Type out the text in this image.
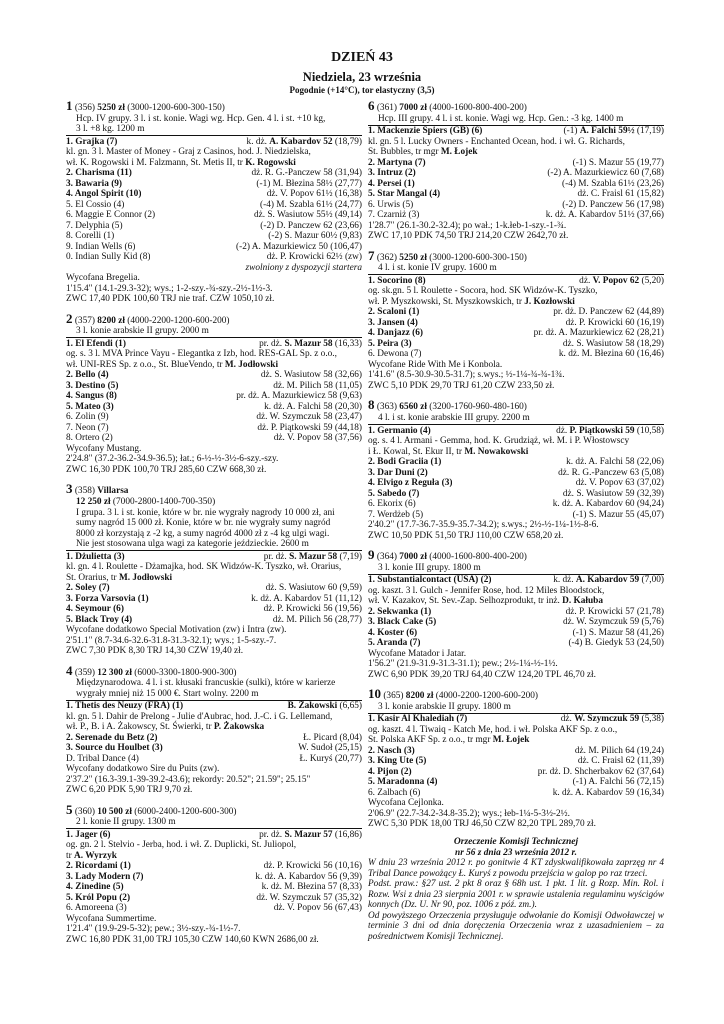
DZIEŃ 43
Niedziela, 23 września
Pogodnie (+14°C), tor elastyczny (3,5)
1 (356) 5250 zł (3000-1200-600-300-150)
Hcp. IV grupy. 3 l. i st. konie. Wagi wg. Hcp. Gen. 4 l. i st. +10 kg,
3 l. +8 kg. 1200 m
1. Grajka (7)	k. dż. A. Kabardov 52 (18,79)
kl. gn. 3 l. Master of Money - Graj z Casinos, hod. J. Niedzielska,
wł. K. Rogowski i M. Falzmann, St. Metis II, tr K. Rogowski
2. Charisma (11)	dż. R. G.-Panczew 58 (31,94)
3. Bawaria (9)	(-1) M. Błezina 58½ (27,77)
4. Angol Spirit (10)	dż. V. Popov 61½ (16,38)
5. El Cossio (4)	(-4) M. Szabla 61½ (24,77)
6. Maggie E Connor (2)	dż. S. Wasiutow 55½ (49,14)
7. Delyphia (5)	(-2) D. Panczew 62 (23,66)
8. Corelli (1)	(-2) S. Mazur 60½ (9,83)
9. Indian Wells (6)	(-2) A. Mazurkiewicz 50 (106,47)
0. Indian Sully Kid (8)	dż. P. Krowicki 62½ (zw)
zwolniony z dyspozycji startera
Wycofana Bregelia.
1'15.4" (14.1-29.3-32); wys.; 1-2-szy.-¾-szy.-2½-1½-3.
ZWC 17,40 PDK 100,60 TRJ nie traf. CZW 1050,10 zł.
2 (357) 8200 zł (4000-2200-1200-600-200)
3 l. konie arabskie II grupy. 2000 m
1. El Efendi (1)	pr. dż. S. Mazur 58 (16,33)
og. s. 3 l. MVA Prince Vayu - Elegantka z Izb, hod. RES-GAL Sp. z o.o.,
wł. UNI-RES Sp. z o.o., St. BlueVendo, tr M. Jodłowski
2. Bello (4)	dż. S. Wasiutow 58 (32,66)
3. Destino (5)	dż. M. Pilich 58 (11,05)
4. Sangus (8)	pr. dż. A. Mazurkiewicz 58 (9,63)
5. Mateo (3)	k. dż. A. Falchi 58 (20,30)
6. Zolin (9)	dż. W. Szymczuk 58 (23,47)
7. Neon (7)	dż. P. Piątkowski 59 (44,18)
8. Ortero (2)	dż. V. Popov 58 (37,56)
Wycofany Mustang.
2'24.8" (37.2-36.2-34.9-36.5); łat.; 6-½-½-3½-6-szy.-szy.
ZWC 16,30 PDK 100,70 TRJ 285,60 CZW 668,30 zł.
3 (358) Villarsa
12 250 zł (7000-2800-1400-700-350)
I grupa. 3 l. i st. konie, które w br. nie wygrały nagrody 10 000 zł, ani
sumy nagród 15 000 zł. Konie, które w br. nie wygrały sumy nagród
8000 zł korzystają z -2 kg, a sumy nagród 4000 zł z -4 kg ulgi wagi.
Nie jest stosowana ulga wagi za kategorie jeździeckie. 2600 m
1. Dżulietta (3)	pr. dż. S. Mazur 58 (7,19)
kl. gn. 4 l. Roulette - Dżamajka, hod. SK Widzów-K. Tyszko, wł. Orarius,
St. Orarius, tr M. Jodłowski
2. Soley (7)	dż. S. Wasiutow 60 (9,59)
3. Forza Varsovia (1)	k. dż. A. Kabardov 51 (11,12)
4. Seymour (6)	dż. P. Krowicki 56 (19,56)
5. Black Troy (4)	dż. M. Pilich 56 (28,77)
Wycofane dodatkowo Special Motivation (zw) i Intra (zw).
2'51.1" (8.7-34.6-32.6-31.8-31.3-32.1); wys.; 1-5-szy.-7.
ZWC 7,30 PDK 8,30 TRJ 14,30 CZW 19,40 zł.
4 (359) 12 300 zł (6000-3300-1800-900-300)
Międzynarodowa. 4 l. i st. kłusaki francuskie (sulki), które w karierze
wygrały mniej niż 15 000 €. Start wolny. 2200 m
1. Thetis des Neuzy (FRA) (1)	B. Żakowski (6,65)
kl. gn. 5 l. Dahir de Prelong - Julie d'Aubrac, hod. J.-C. i G. Lellemand,
wł. P., B. i A. Żakowscy, St. Świerki, tr P. Żakowska
2. Serenade du Betz (2)	Ł. Picard (8,04)
3. Source du Houlbet (3)	W. Sudoł (25,15)
D. Tribal Dance (4)	Ł. Kuryś (20,77)
Wycofany dodatkowo Sire du Puits (zw).
2'37.2" (16.3-39.1-39-39.2-43.6); rekordy: 20.52"; 21.59"; 25.15"
ZWC 6,20 PDK 5,90 TRJ 9,70 zł.
5 (360) 10 500 zł (6000-2400-1200-600-300)
2 l. konie II grupy. 1300 m
1. Jager (6)	pr. dż. S. Mazur 57 (16,86)
og. gn. 2 l. Stelvio - Jerba, hod. i wł. Z. Duplicki, St. Juliopol,
tr A. Wyrzyk
2. Ricordami (1)	dż. P. Krowicki 56 (10,16)
3. Lady Modern (7)	k. dż. A. Kabardov 56 (9,39)
4. Zinedine (5)	k. dż. M. Błezina 57 (8,33)
5. Król Popu (2)	dż. W. Szymczuk 57 (35,32)
6. Amoreena (3)	dż. V. Popov 56 (67,43)
Wycofana Summertime.
1'21.4" (19.9-29-5-32); pew.; 3½-szy.-¾-1½-7.
ZWC 16,80 PDK 31,00 TRJ 105,30 CZW 140,60 KWN 2686,00 zł.
6 (361) 7000 zł (4000-1600-800-400-200)
Hcp. III grupy. 4 l. i st. konie. Wagi wg. Hcp. Gen.: -3 kg. 1400 m
1. Mackenzie Spiers (GB) (6)	(-1) A. Falchi 59½ (17,19)
kl. gn. 5 l. Lucky Owners - Enchanted Ocean, hod. i wł. G. Richards,
St. Bubbles, tr mgr M. Łojek
2. Martyna (7)	(-1) S. Mazur 55 (19,77)
3. Intruz (2)	(-2) A. Mazurkiewicz 60 (7,68)
4. Persei (1)	(-4) M. Szabla 61½ (23,26)
5. Star Mangal (4)	dż. C. Fraisl 61 (15,82)
6. Urwis (5)	(-2) D. Panczew 56 (17,98)
7. Czarniż (3)	k. dż. A. Kabardov 51½ (37,66)
1'28.7" (26.1-30.2-32.4); po wał.; 1-k.łeb-1-szy.-1-¾.
ZWC 17,10 PDK 74,50 TRJ 214,20 CZW 2642,70 zł.
7 (362) 5250 zł (3000-1200-600-300-150)
4 l. i st. konie IV grupy. 1600 m
1. Socorino (8)	dż. V. Popov 62 (5,20)
og. sk.gn. 5 l. Roulette - Socora, hod. SK Widzów-K. Tyszko,
wł. P. Myszkowski, St. Myszkowskich, tr J. Kozłowski
2. Scaloni (1)	pr. dż. D. Panczew 62 (44,89)
3. Jansen (4)	dż. P. Krowicki 60 (16,19)
4. Danjazz (6)	pr. dż. A. Mazurkiewicz 62 (28,21)
5. Peira (3)	dż. S. Wasiutow 58 (18,29)
6. Dewona (7)	k. dż. M. Błezina 60 (16,46)
Wycofane Ride With Me i Konbola.
1'41.6" (8.5-30.9-30.5-31.7); s.wys.; ½-1¼-¾-¾-1¾.
ZWC 5,10 PDK 29,70 TRJ 61,20 CZW 233,50 zł.
8 (363) 6560 zł (3200-1760-960-480-160)
4 l. i st. konie arabskie III grupy. 2200 m
1. Germanio (4)	dż. P. Piątkowski 59 (10,58)
og. s. 4 l. Armani - Gemma, hod. K. Grudziąż, wł. M. i P. Włostowscy
i Ł. Kowal, St. Ekur II, tr M. Nowakowski
2. Bodi Graciia (1)	k. dż. A. Falchi 58 (22,06)
3. Dar Duni (2)	dż. R. G.-Panczew 63 (5,08)
4. Elvigo z Reguła (3)	dż. V. Popov 63 (37,02)
5. Sabedo (7)	dż. S. Wasiutow 59 (32,39)
6. Ekorix (6)	k. dż. A. Kabardov 60 (94,24)
7. Werdżeb (5)	(-1) S. Mazur 55 (45,07)
2'40.2" (17.7-36.7-35.9-35.7-34.2); s.wys.; 2½-½-1¼-1½-8-6.
ZWC 10,50 PDK 51,50 TRJ 110,00 CZW 658,20 zł.
9 (364) 7000 zł (4000-1600-800-400-200)
3 l. konie III grupy. 1800 m
1. Substantialcontact (USA) (2)	k. dż. A. Kabardov 59 (7,00)
og. kaszt. 3 l. Gulch - Jennifer Rose, hod. 12 Miles Bloodstock,
wł. V. Kazakov, St. Sev.-Zap. Selhozprodukt, tr inż. D. Kałuba
2. Sekwanka (1)	dż. P. Krowicki 57 (21,78)
3. Black Cake (5)	dż. W. Szymczuk 59 (5,76)
4. Koster (6)	(-1) S. Mazur 58 (41,26)
5. Aranda (7)	(-4) B. Giedyk 53 (24,50)
Wycofane Matador i Jatar.
1'56.2" (21.9-31.9-31.3-31.1); pew.; 2½-1¼-½-1½.
ZWC 6,90 PDK 39,20 TRJ 64,40 CZW 124,20 TPL 46,70 zł.
10 (365) 8200 zł (4000-2200-1200-600-200)
3 l. konie arabskie II grupy. 1800 m
1. Kasir Al Khalediah (7)	dż. W. Szymczuk 59 (5,38)
og. kaszt. 4 l. Tiwaiq - Katch Me, hod. i wł. Polska AKF Sp. z o.o.,
St. Polska AKF Sp. z o.o., tr mgr M. Łojek
2. Nasch (3)	dż. M. Pilich 64 (19,24)
3. King Ute (5)	dż. C. Fraisl 62 (11,39)
4. Pijon (2)	pr. dż. D. Shcherbakov 62 (37,64)
5. Maradonna (4)	(-1) A. Falchi 56 (72,15)
6. Zalbach (6)	k. dż. A. Kabardov 59 (16,34)
Wycofana Cejlonka.
2'06.9" (22.7-34.2-34.8-35.2); wys.; łeb-1¼-5-3½-2½.
ZWC 5,30 PDK 18,00 TRJ 46,50 CZW 82,20 TPL 289,70 zł.
Orzeczenie Komisji Technicznej
nr 56 z dnia 23 września 2012 r.
W dniu 23 września 2012 r. po gonitwie 4 KT zdyskwalifikowała zaprzęg nr 4 Tribal Dance powożący Ł. Kuryś z powodu przejścia w galop po raz trzeci.
Podst. praw.: §27 ust. 2 pkt 8 oraz § 68h ust. 1 pkt. 1 lit. g Rozp. Min. Rol. i Rozw. Wsi z dnia 23 sierpnia 2001 r. w sprawie ustalenia regulaminu wyścigów konnych (Dz. U. Nr 90, poz. 1006 z póź. zm.).
Od powyższego Orzeczenia przysługuje odwołanie do Komisji Odwoławczej w terminie 3 dni od dnia doręczenia Orzeczenia wraz z uzasadnieniem – za pośrednictwem Komisji Technicznej.
